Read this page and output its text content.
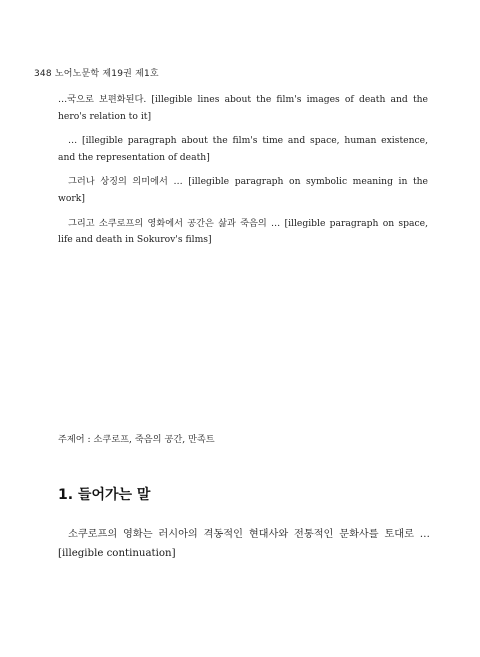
348 노어노문학 제19권 제1호

…국으로 보편화된다. [illegible lines about the film's images of death and the hero's relation to it]

… [illegible paragraph about the film's time and space, human existence, and the representation of death]

그러나 상징의 의미에서 … [illegible paragraph on symbolic meaning in the work]

그리고 소쿠로프의 영화에서 공간은 삶과 죽음의 … [illegible paragraph on space, life and death in Sokurov's films]

주제어 : 소쿠로프, 죽음의 공간, 만족트
1. 들어가는 말

소쿠로프의 영화는 러시아의 격동적인 현대사와 전통적인 문화사를 토대로 … [illegible continuation]
